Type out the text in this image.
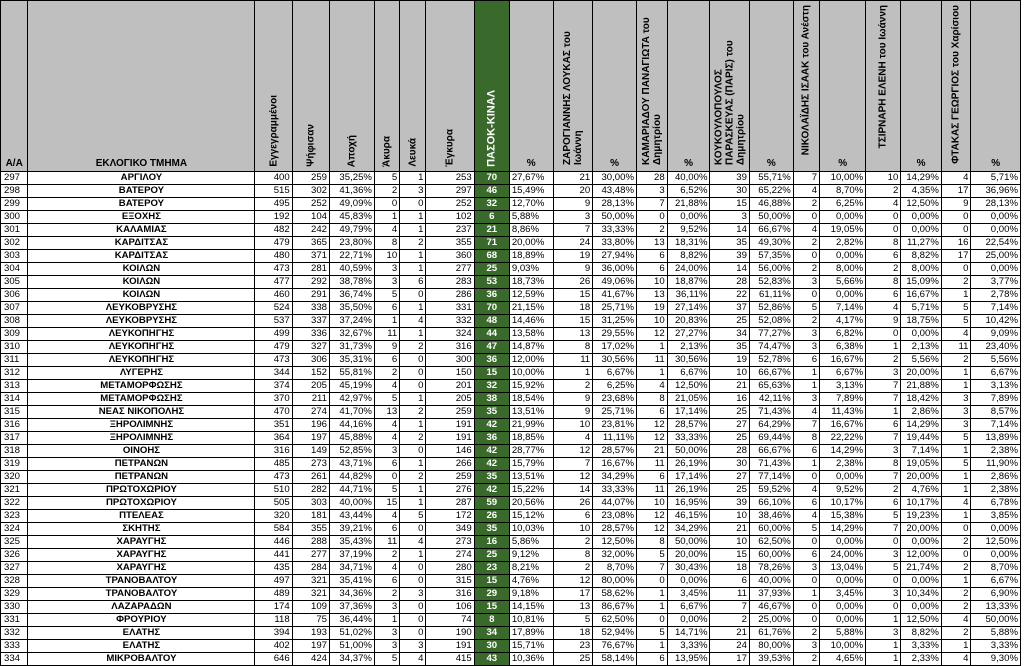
Α/Α	ΕΚΛΟΓΙΚΟ ΤΜΗΜΑ	Εγγεγραμμένοι	Ψήφισαν	Αποχή	Άκυρα	Λευκά	Έγκυρα	ΠΑΣΟΚ-ΚΙΝΑΛ	%	ΖΑΡΟΓΙΑΝΝΗΣ ΛΟΥΚΑΣ του Ιωάννη	%	ΚΑΜΑΡΙΑΔΟΥ ΠΑΝΑΓΙΩΤΑ του Δημητρίου	%	ΚΟΥΚΟΥΛΟΠΟΥΛΟΣ ΠΑΡΑΣΚΕΥΑΣ (ΠΑΡΙΣ) του Δημητρίου	%	ΝΙΚΟΛΑΪΔΗΣ ΙΣΑΑΚ του Ανέστη	%	ΤΣΙΡΝΑΡΗ ΕΛΕΝΗ του Ιωάννη	%	ΦΤΑΚΑΣ ΓΕΩΡΓΙΟΣ του Χαρίσιου	%
297	ΑΡΓΙΛΟΥ	400	259	35,25%	5	1	253	70	27,67%	21	30,00%	28	40,00%	39	55,71%	7	10,00%	10	14,29%	4	5,71%
298	ΒΑΤΕΡΟΥ	515	302	41,36%	2	3	297	46	15,49%	20	43,48%	3	6,52%	30	65,22%	4	8,70%	2	4,35%	17	36,96%
299	ΒΑΤΕΡΟΥ	495	252	49,09%	0	0	252	32	12,70%	9	28,13%	7	21,88%	15	46,88%	2	6,25%	4	12,50%	9	28,13%
300	ΕΞΟΧΗΣ	192	104	45,83%	1	1	102	6	5,88%	3	50,00%	0	0,00%	3	50,00%	0	0,00%	0	0,00%	0	0,00%
301	ΚΑΛΑΜΙΑΣ	482	242	49,79%	4	1	237	21	8,86%	7	33,33%	2	9,52%	14	66,67%	4	19,05%	0	0,00%	0	0,00%
302	ΚΑΡΔΙΤΣΑΣ	479	365	23,80%	8	2	355	71	20,00%	24	33,80%	13	18,31%	35	49,30%	2	2,82%	8	11,27%	16	22,54%
303	ΚΑΡΔΙΤΣΑΣ	480	371	22,71%	10	1	360	68	18,89%	19	27,94%	6	8,82%	39	57,35%	0	0,00%	6	8,82%	17	25,00%
304	ΚΟΙΛΩΝ	473	281	40,59%	3	1	277	25	9,03%	9	36,00%	6	24,00%	14	56,00%	2	8,00%	2	8,00%	0	0,00%
305	ΚΟΙΛΩΝ	477	292	38,78%	3	6	283	53	18,73%	26	49,06%	10	18,87%	28	52,83%	3	5,66%	8	15,09%	2	3,77%
306	ΚΟΙΛΩΝ	460	291	36,74%	5	0	286	36	12,59%	15	41,67%	13	36,11%	22	61,11%	0	0,00%	6	16,67%	1	2,78%
307	ΛΕΥΚΟΒΡΥΣΗΣ	524	338	35,50%	6	1	331	70	21,15%	18	25,71%	19	27,14%	37	52,86%	5	7,14%	4	5,71%	5	7,14%
308	ΛΕΥΚΟΒΡΥΣΗΣ	537	337	37,24%	1	4	332	48	14,46%	15	31,25%	10	20,83%	25	52,08%	2	4,17%	9	18,75%	5	10,42%
309	ΛΕΥΚΟΠΗΓΗΣ	499	336	32,67%	11	1	324	44	13,58%	13	29,55%	12	27,27%	34	77,27%	3	6,82%	0	0,00%	4	9,09%
310	ΛΕΥΚΟΠΗΓΗΣ	479	327	31,73%	9	2	316	47	14,87%	8	17,02%	1	2,13%	35	74,47%	3	6,38%	1	2,13%	11	23,40%
311	ΛΕΥΚΟΠΗΓΗΣ	473	306	35,31%	6	0	300	36	12,00%	11	30,56%	11	30,56%	19	52,78%	6	16,67%	2	5,56%	2	5,56%
312	ΛΥΓΕΡΗΣ	344	152	55,81%	2	0	150	15	10,00%	1	6,67%	1	6,67%	10	66,67%	1	6,67%	3	20,00%	1	6,67%
313	ΜΕΤΑΜΟΡΦΩΣΗΣ	374	205	45,19%	4	0	201	32	15,92%	2	6,25%	4	12,50%	21	65,63%	1	3,13%	7	21,88%	1	3,13%
314	ΜΕΤΑΜΟΡΦΩΣΗΣ	370	211	42,97%	5	1	205	38	18,54%	9	23,68%	8	21,05%	16	42,11%	3	7,89%	7	18,42%	3	7,89%
315	ΝΕΑΣ ΝΙΚΟΠΟΛΗΣ	470	274	41,70%	13	2	259	35	13,51%	9	25,71%	6	17,14%	25	71,43%	4	11,43%	1	2,86%	3	8,57%
316	ΞΗΡΟΛΙΜΝΗΣ	351	196	44,16%	4	1	191	42	21,99%	10	23,81%	12	28,57%	27	64,29%	7	16,67%	6	14,29%	3	7,14%
317	ΞΗΡΟΛΙΜΝΗΣ	364	197	45,88%	4	2	191	36	18,85%	4	11,11%	12	33,33%	25	69,44%	8	22,22%	7	19,44%	5	13,89%
318	ΟΙΝΟΗΣ	316	149	52,85%	3	0	146	42	28,77%	12	28,57%	21	50,00%	28	66,67%	6	14,29%	3	7,14%	1	2,38%
319	ΠΕΤΡΑΝΩΝ	485	273	43,71%	6	1	266	42	15,79%	7	16,67%	11	26,19%	30	71,43%	1	2,38%	8	19,05%	5	11,90%
320	ΠΕΤΡΑΝΩΝ	473	261	44,82%	0	2	259	35	13,51%	12	34,29%	6	17,14%	27	77,14%	0	0,00%	7	20,00%	1	2,86%
321	ΠΡΩΤΟΧΩΡΙΟΥ	510	282	44,71%	5	1	276	42	15,22%	14	33,33%	11	26,19%	25	59,52%	4	9,52%	2	4,76%	1	2,38%
322	ΠΡΩΤΟΧΩΡΙΟΥ	505	303	40,00%	15	1	287	59	20,56%	26	44,07%	10	16,95%	39	66,10%	6	10,17%	6	10,17%	4	6,78%
323	ΠΤΕΛΕΑΣ	320	181	43,44%	4	5	172	26	15,12%	6	23,08%	12	46,15%	10	38,46%	4	15,38%	5	19,23%	1	3,85%
324	ΣΚΗΤΗΣ	584	355	39,21%	6	0	349	35	10,03%	10	28,57%	12	34,29%	21	60,00%	5	14,29%	7	20,00%	0	0,00%
325	ΧΑΡΑΥΓΗΣ	446	288	35,43%	11	4	273	16	5,86%	2	12,50%	8	50,00%	10	62,50%	0	0,00%	0	0,00%	2	12,50%
326	ΧΑΡΑΥΓΗΣ	441	277	37,19%	2	1	274	25	9,12%	8	32,00%	5	20,00%	15	60,00%	6	24,00%	3	12,00%	0	0,00%
327	ΧΑΡΑΥΓΗΣ	435	284	34,71%	4	0	280	23	8,21%	2	8,70%	7	30,43%	18	78,26%	3	13,04%	5	21,74%	2	8,70%
328	ΤΡΑΝΟΒΑΛΤΟΥ	497	321	35,41%	6	0	315	15	4,76%	12	80,00%	0	0,00%	6	40,00%	0	0,00%	0	0,00%	1	6,67%
329	ΤΡΑΝΟΒΑΛΤΟΥ	489	321	34,36%	2	3	316	29	9,18%	17	58,62%	1	3,45%	11	37,93%	1	3,45%	3	10,34%	2	6,90%
330	ΛΑΖΑΡΑΔΩΝ	174	109	37,36%	3	0	106	15	14,15%	13	86,67%	1	6,67%	7	46,67%	0	0,00%	0	0,00%	2	13,33%
331	ΦΡΟΥΡΙΟΥ	118	75	36,44%	1	0	74	8	10,81%	5	62,50%	0	0,00%	2	25,00%	0	0,00%	1	12,50%	4	50,00%
332	ΕΛΑΤΗΣ	394	193	51,02%	3	0	190	34	17,89%	18	52,94%	5	14,71%	21	61,76%	2	5,88%	3	8,82%	2	5,88%
333	ΕΛΑΤΗΣ	402	197	51,00%	3	3	191	30	15,71%	23	76,67%	1	3,33%	24	80,00%	3	10,00%	1	3,33%	1	3,33%
334	ΜΙΚΡΟΒΑΛΤΟΥ	646	424	34,37%	5	4	415	43	10,36%	25	58,14%	6	13,95%	17	39,53%	2	4,65%	1	2,33%	4	9,30%
